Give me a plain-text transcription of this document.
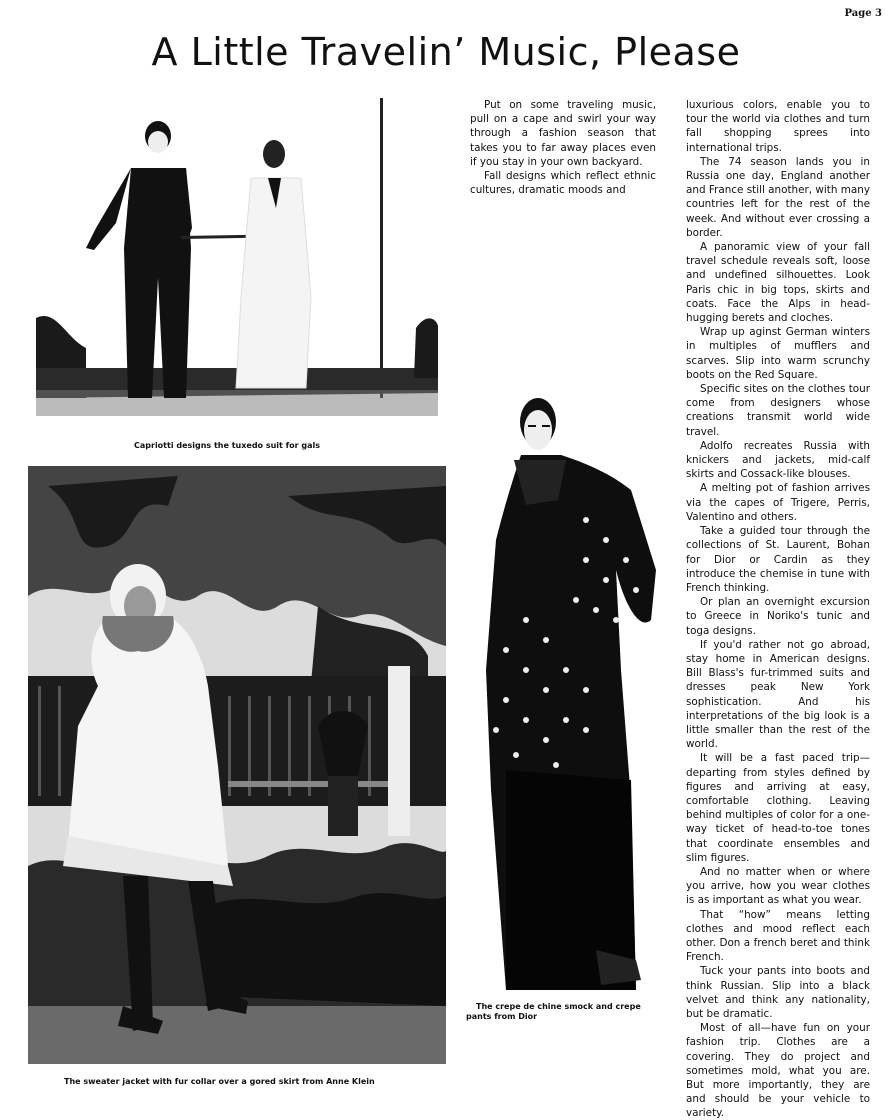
Page 3
A Little Travelin’ Music, Please
Capriotti designs the tuxedo suit for gals
The sweater jacket with fur collar over a gored skirt from Anne Klein
The crepe de chine smock and crepe
pants from Dior

Put on some traveling music, pull on a cape and swirl your way through a fashion season that takes you to far away places even if you stay in your own backyard.

Fall designs which reflect ethnic cultures, dramatic moods and

luxurious colors, enable you to tour the world via clothes and turn fall shopping sprees into international trips.

The 74 season lands you in Russia one day, England another and France still another, with many countries left for the rest of the week. And without ever crossing a border.

A panoramic view of your fall travel schedule reveals soft, loose and undefined silhouettes. Look Paris chic in big tops, skirts and coats. Face the Alps in head-hugging berets and cloches.

Wrap up aginst German winters in multiples of mufflers and scarves. Slip into warm scrunchy boots on the Red Square.

Specific sites on the clothes tour come from designers whose creations transmit world wide travel.

Adolfo recreates Russia with knickers and jackets, mid-calf skirts and Cossack-like blouses.

A melting pot of fashion arrives via the capes of Trigere, Perris, Valentino and others.

Take a guided tour through the collections of St. Laurent, Bohan for Dior or Cardin as they introduce the chemise in tune with French thinking.

Or plan an overnight excursion to Greece in Noriko's tunic and toga designs.

If you'd rather not go abroad, stay home in American designs. Bill Blass's fur-trimmed suits and dresses peak New York sophistication. And his interpretations of the big look is a little smaller than the rest of the world.

It will be a fast paced trip—departing from styles defined by figures and arriving at easy, comfortable clothing. Leaving behind multiples of color for a one-way ticket of head-to-toe tones that coordinate ensembles and slim figures.

And no matter when or where you arrive, how you wear clothes is as important as what you wear.

That “how” means letting clothes and mood reflect each other. Don a french beret and think French.

Tuck your pants into boots and think Russian. Slip into a black velvet and think any nationality, but be dramatic.

Most of all—have fun on your fashion trip. Clothes are a covering. They do project and sometimes mold, what you are. But more importantly, they are and should be your vehicle to variety.
